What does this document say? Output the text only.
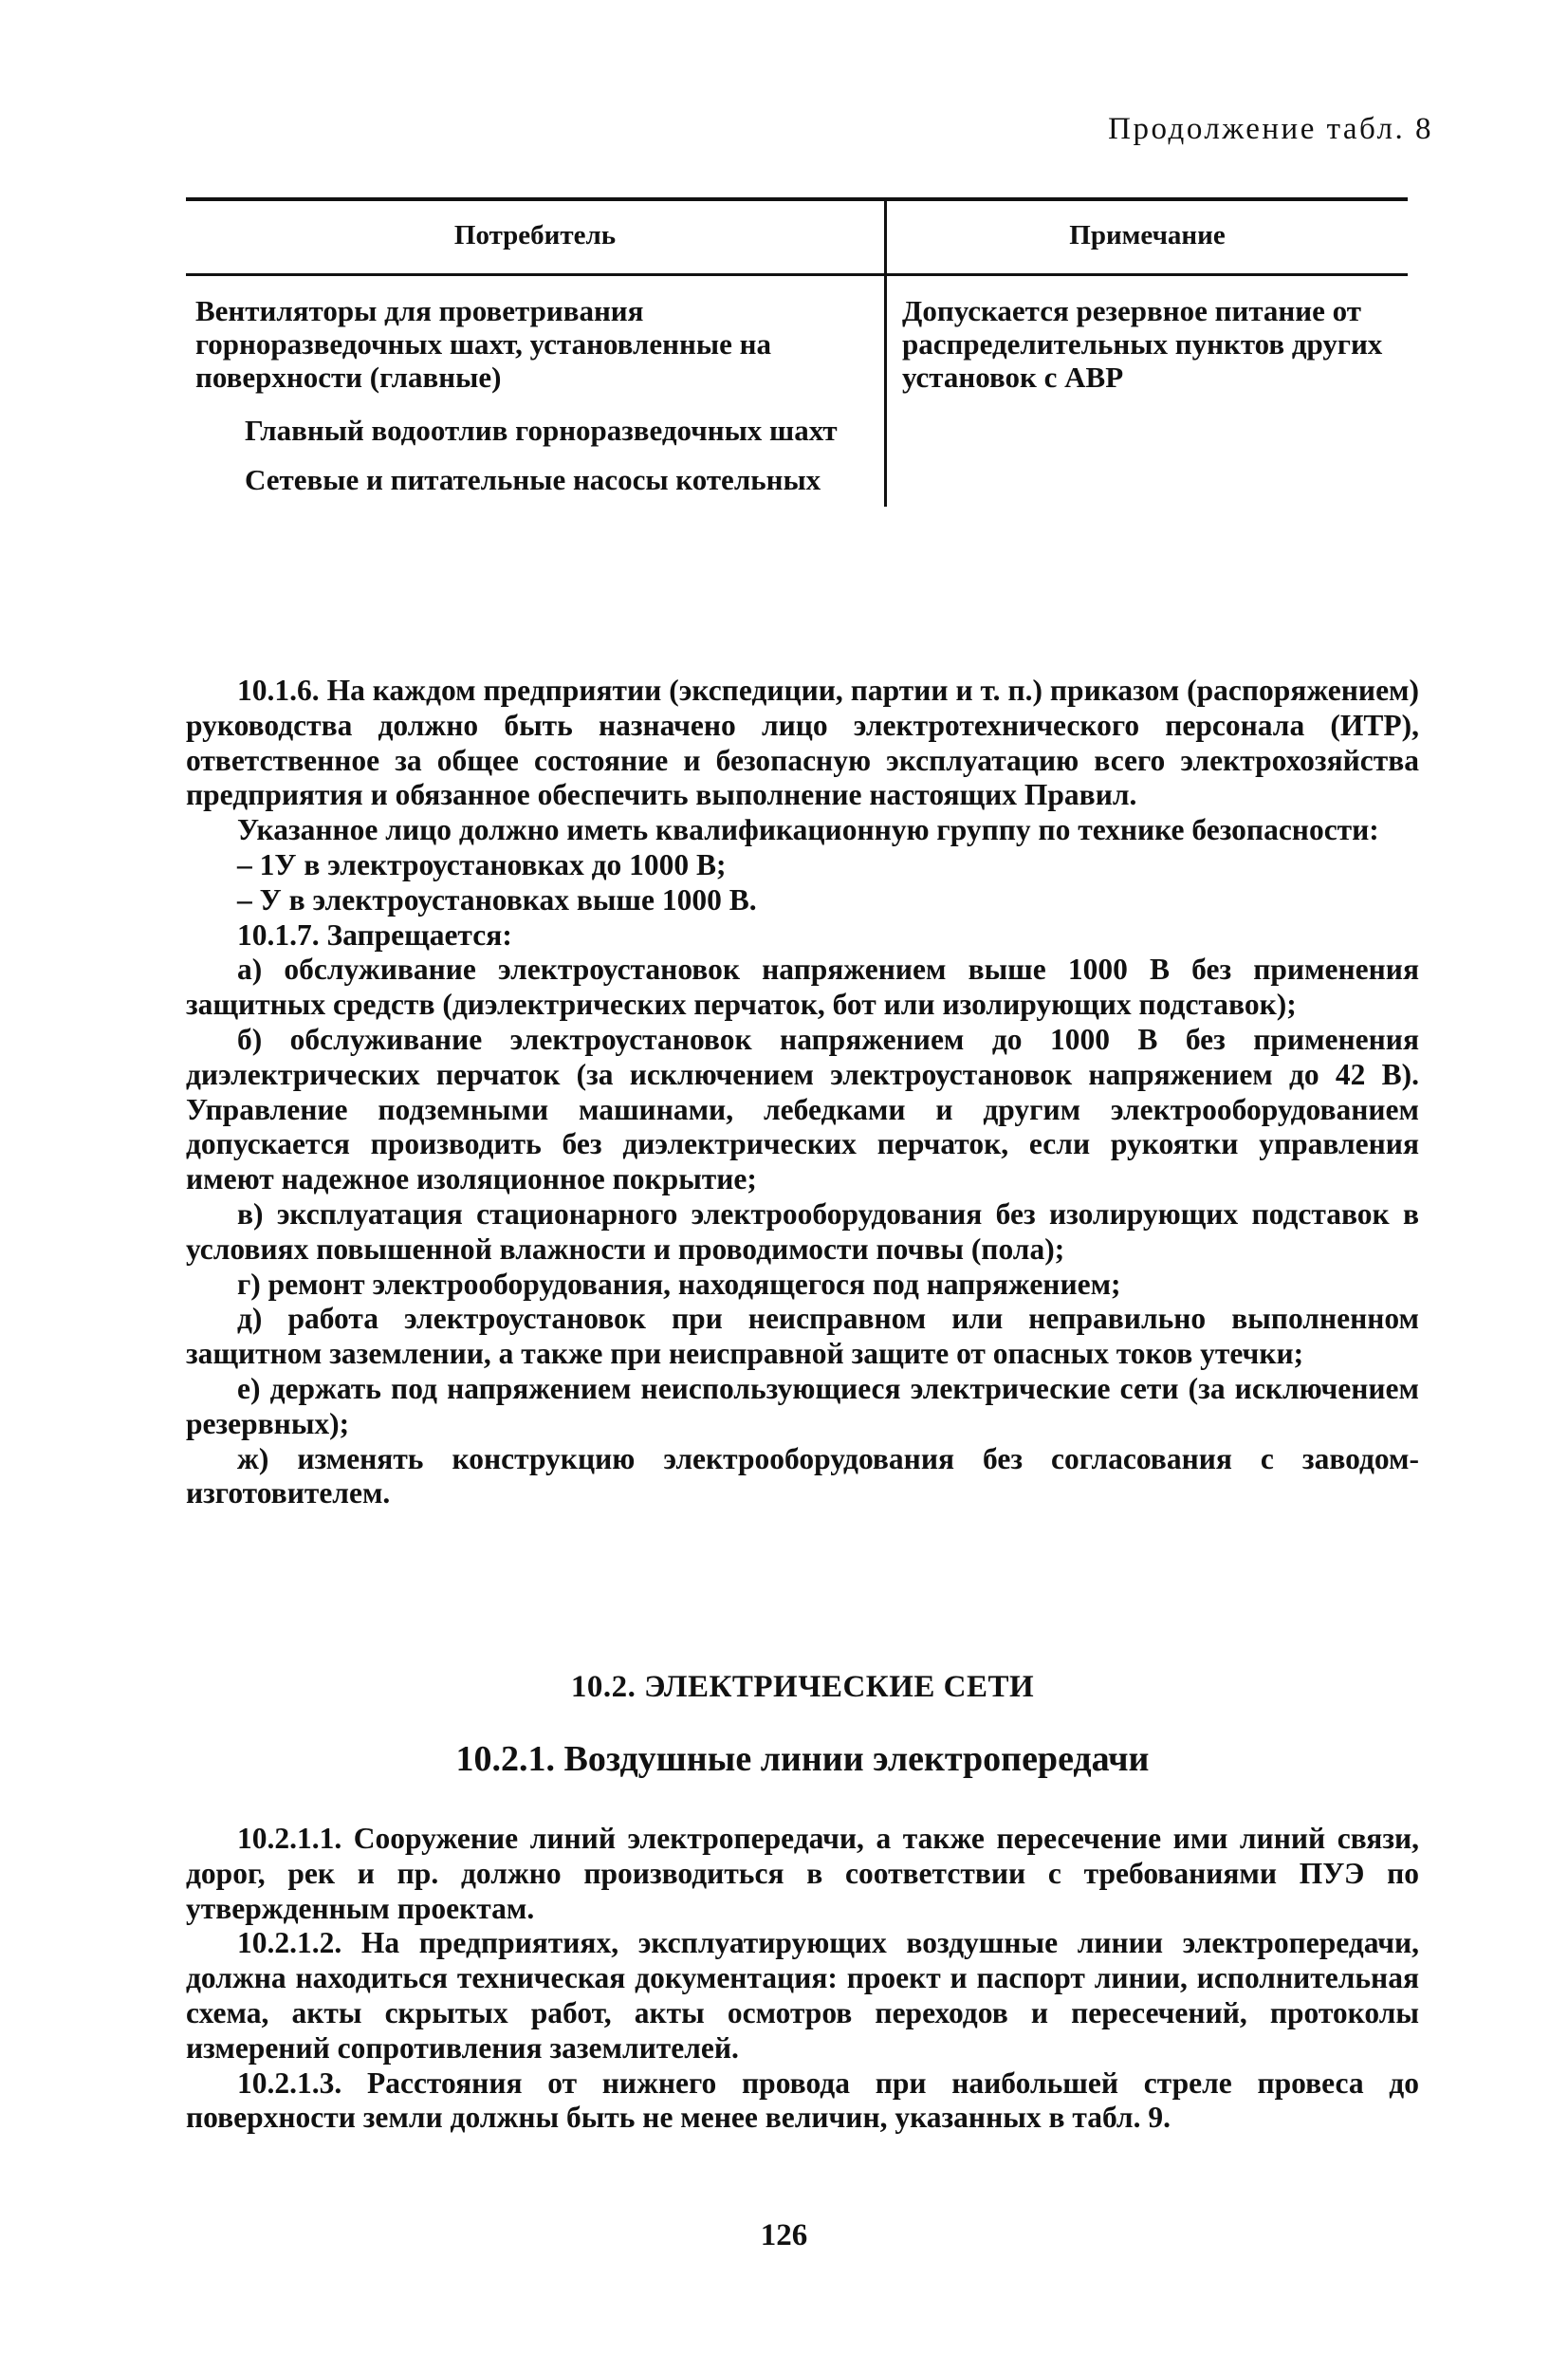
Продолжение табл. 8
Потребитель	Примечание
Вентиляторы для проветривания горноразведочных шахт, установленные на поверхности (главные)
Главный водоотлив горноразведочных шахт
Сетевые и питательные насосы котельных
Допускается резервное питание от распределительных пунктов других установок с АВР

10.1.6. На каждом предприятии (экспедиции, партии и т. п.) приказом (распоряжением) руководства должно быть назначено лицо электротехнического персонала (ИТР), ответственное за общее состояние и безопасную эксплуатацию всего электрохозяйства предприятия и обязанное обеспечить выполнение настоящих Правил.

Указанное лицо должно иметь квалификационную группу по технике безопасности:

– 1У в электроустановках до 1000 В;

– У в электроустановках выше 1000 В.

10.1.7. Запрещается:

а) обслуживание электроустановок напряжением выше 1000 В без применения защитных средств (диэлектрических перчаток, бот или изолирующих подставок);

б) обслуживание электроустановок напряжением до 1000 В без применения диэлектрических перчаток (за исключением электроустановок напряжением до 42 В). Управление подземными машинами, лебедками и другим электрооборудованием допускается производить без диэлектрических перчаток, если рукоятки управления имеют надежное изоляционное покрытие;

в) эксплуатация стационарного электрооборудования без изолирующих подставок в условиях повышенной влажности и проводимости почвы (пола);

г) ремонт электрооборудования, находящегося под напряжением;

д) работа электроустановок при неисправном или неправильно выполненном защитном заземлении, а также при неисправной защите от опасных токов утечки;

е) держать под напряжением неиспользующиеся электрические сети (за исключением резервных);

ж) изменять конструкцию электрооборудования без согласования с заводом-изготовителем.

10.2. ЭЛЕКТРИЧЕСКИЕ СЕТИ
10.2.1. Воздушные линии электропередачи

10.2.1.1. Сооружение линий электропередачи, а также пересечение ими линий связи, дорог, рек и пр. должно производиться в соответствии с требованиями ПУЭ по утвержденным проектам.

10.2.1.2. На предприятиях, эксплуатирующих воздушные линии электропередачи, должна находиться техническая документация: проект и паспорт линии, исполнительная схема, акты скрытых работ, акты осмотров переходов и пересечений, протоколы измерений сопротивления заземлителей.

10.2.1.3. Расстояния от нижнего провода при наибольшей стреле провеса до поверхности земли должны быть не менее величин, указанных в табл. 9.

126
